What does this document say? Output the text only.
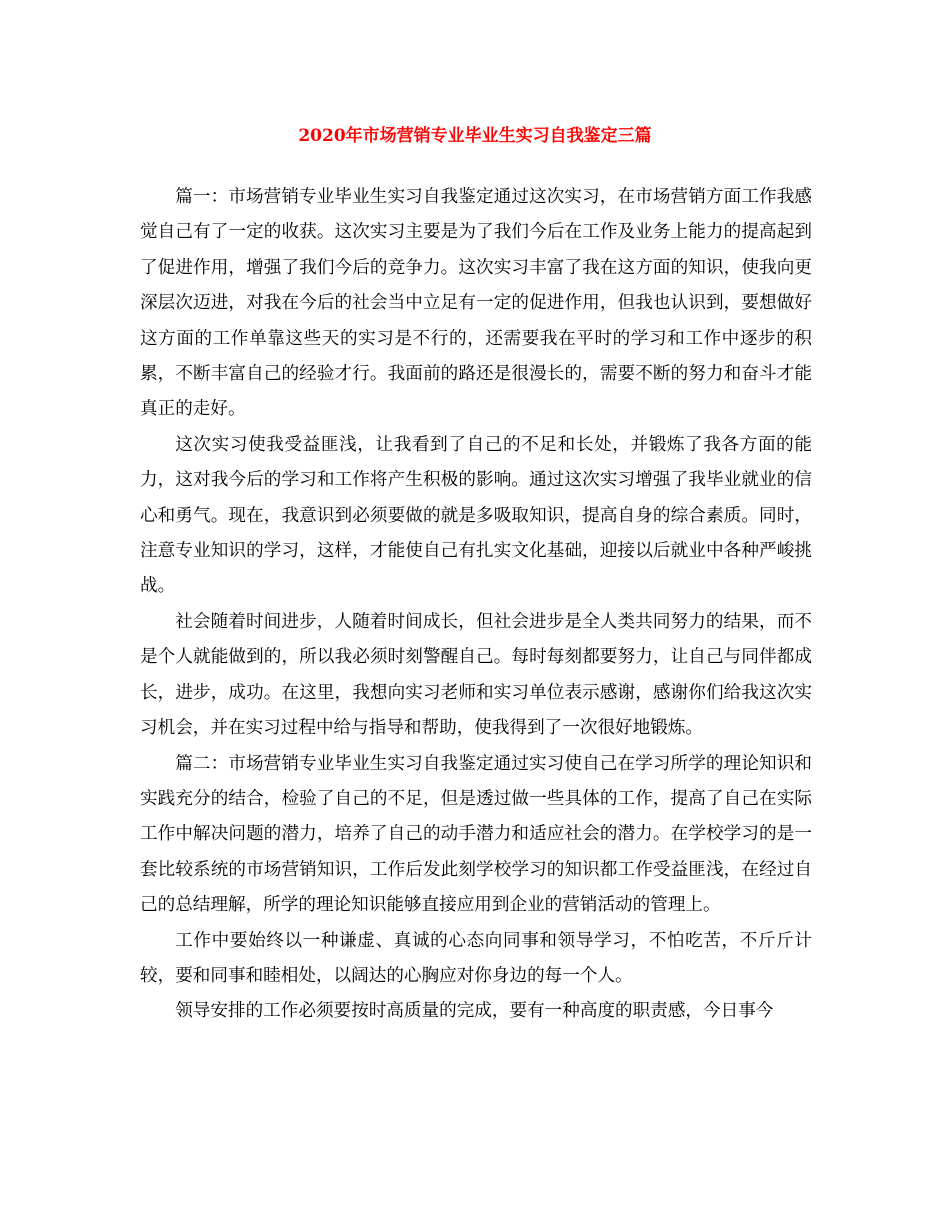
2020年市场营销专业毕业生实习自我鉴定三篇

篇一：市场营销专业毕业生实习自我鉴定通过这次实习，在市场营销方面工作我感觉自己有了一定的收获。这次实习主要是为了我们今后在工作及业务上能力的提高起到了促进作用，增强了我们今后的竞争力。这次实习丰富了我在这方面的知识，使我向更深层次迈进，对我在今后的社会当中立足有一定的促进作用，但我也认识到，要想做好这方面的工作单靠这些天的实习是不行的，还需要我在平时的学习和工作中逐步的积累，不断丰富自己的经验才行。我面前的路还是很漫长的，需要不断的努力和奋斗才能真正的走好。

这次实习使我受益匪浅，让我看到了自己的不足和长处，并锻炼了我各方面的能力，这对我今后的学习和工作将产生积极的影响。通过这次实习增强了我毕业就业的信心和勇气。现在，我意识到必须要做的就是多吸取知识，提高自身的综合素质。同时，注意专业知识的学习，这样，才能使自己有扎实文化基础，迎接以后就业中各种严峻挑战。

社会随着时间进步，人随着时间成长，但社会进步是全人类共同努力的结果，而不是个人就能做到的，所以我必须时刻警醒自己。每时每刻都要努力，让自己与同伴都成长，进步，成功。在这里，我想向实习老师和实习单位表示感谢，感谢你们给我这次实习机会，并在实习过程中给与指导和帮助，使我得到了一次很好地锻炼。

篇二：市场营销专业毕业生实习自我鉴定通过实习使自己在学习所学的理论知识和实践充分的结合，检验了自己的不足，但是透过做一些具体的工作，提高了自己在实际工作中解决问题的潜力，培养了自己的动手潜力和适应社会的潜力。在学校学习的是一套比较系统的市场营销知识，工作后发此刻学校学习的知识都工作受益匪浅，在经过自己的总结理解，所学的理论知识能够直接应用到企业的营销活动的管理上。

工作中要始终以一种谦虚、真诚的心态向同事和领导学习，不怕吃苦，不斤斤计较，要和同事和睦相处，以阔达的心胸应对你身边的每一个人。

领导安排的工作必须要按时高质量的完成，要有一种高度的职责感，今日事今
